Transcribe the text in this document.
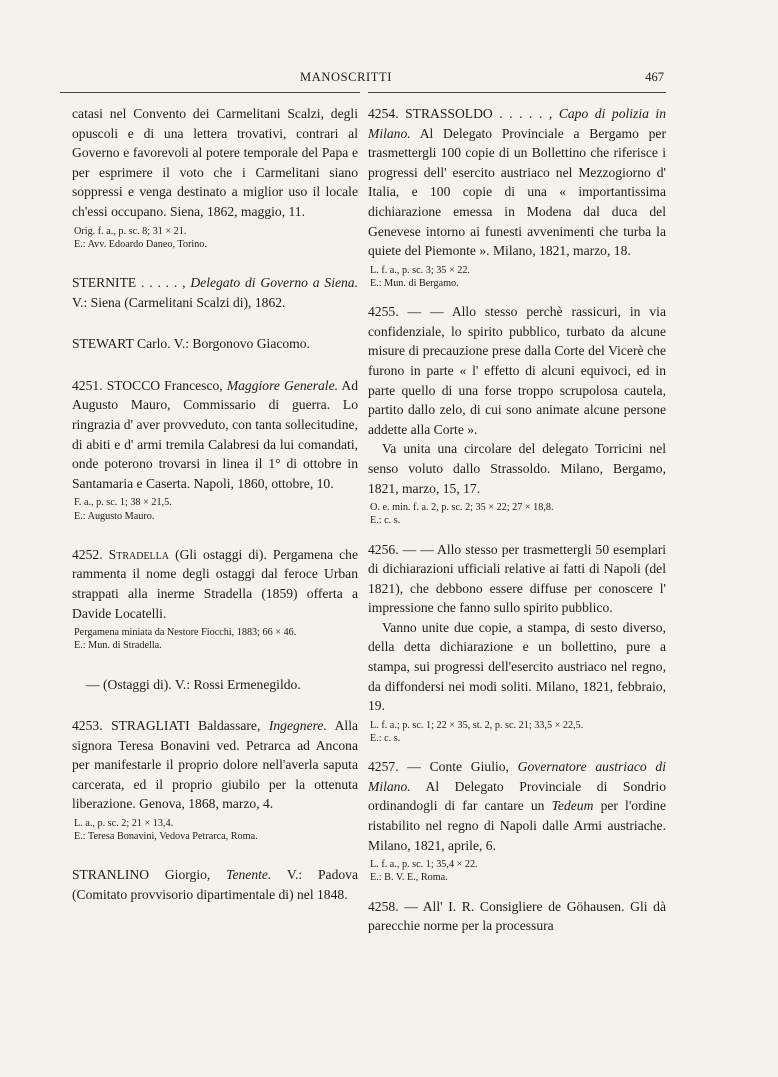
MANOSCRITTI	467

catasi nel Convento dei Carmelitani Scalzi, degli opuscoli e di una lettera trovativi, contrari al Governo e favorevoli al potere temporale del Papa e per esprimere il voto che i Carmelitani siano soppressi e venga destinato a miglior uso il locale ch'essi occupano. Siena, 1862, maggio, 11.

Orig. f. a., p. sc. 8; 31 × 21.
E.: Avv. Edoardo Daneo, Torino.

STERNITE . . . . . , Delegato di Governo a Siena. V.: Siena (Carmelitani Scalzi di), 1862.

STEWART Carlo. V.: Borgonovo Giacomo.

4251. STOCCO Francesco, Maggiore Generale. Ad Augusto Mauro, Commissario di guerra. Lo ringrazia d' aver provveduto, con tanta sollecitudine, di abiti e d' armi tremila Calabresi da lui comandati, onde poterono trovarsi in linea il 1° di ottobre in Santamaria e Caserta. Napoli, 1860, ottobre, 10.

F. a., p. sc. 1; 38 × 21,5.
E.: Augusto Mauro.

4252. Stradella (Gli ostaggi di). Pergamena che rammenta il nome degli ostaggi dal feroce Urban strappati alla inerme Stradella (1859) offerta a Davide Locatelli.

Pergamena miniata da Nestore Fiocchi, 1883; 66 × 46.
E.: Mun. di Stradella.

— (Ostaggi di). V.: Rossi Ermenegildo.

4253. STRAGLIATI Baldassare, Ingegnere. Alla signora Teresa Bonavini ved. Petrarca ad Ancona per manifestarle il proprio dolore nell'averla saputa carcerata, ed il proprio giubilo per la ottenuta liberazione. Genova, 1868, marzo, 4.

L. a., p. sc. 2; 21 × 13,4.
E.: Teresa Bonavini, Vedova Petrarca, Roma.

STRANLINO Giorgio, Tenente. V.: Padova (Comitato provvisorio dipartimentale di) nel 1848.

4254. STRASSOLDO . . . . . , Capo di polizia in Milano. Al Delegato Provinciale a Bergamo per trasmettergli 100 copie di un Bollettino che riferisce i progressi dell' esercito austriaco nel Mezzogiorno d' Italia, e 100 copie di una « importantissima dichiarazione emessa in Modena dal duca del Genevese intorno ai funesti avvenimenti che turba la quiete del Piemonte ». Milano, 1821, marzo, 18.

L. f. a., p. sc. 3; 35 × 22.
E.: Mun. di Bergamo.

4255. — — Allo stesso perchè rassicuri, in via confidenziale, lo spirito pubblico, turbato da alcune misure di precauzione prese dalla Corte del Vicerè che furono in parte « l' effetto di alcuni equivoci, ed in parte quello di una forse troppo scrupolosa cautela, partito dallo zelo, di cui sono animate alcune persone addette alla Corte ».

Va unita una circolare del delegato Torricini nel senso voluto dallo Strassoldo. Milano, Bergamo, 1821, marzo, 15, 17.

O. e. min. f. a. 2, p. sc. 2; 35 × 22; 27 × 18,8.
E.: c. s.

4256. — — Allo stesso per trasmettergli 50 esemplari di dichiarazioni ufficiali relative ai fatti di Napoli (del 1821), che debbono essere diffuse per conoscere l' impressione che fanno sullo spirito pubblico.

Vanno unite due copie, a stampa, di sesto diverso, della detta dichiarazione e un bollettino, pure a stampa, sui progressi dell'esercito austriaco nel regno, da diffondersi nei modi soliti. Milano, 1821, febbraio, 19.

L. f. a.; p. sc. 1; 22 × 35, st. 2, p. sc. 21; 33,5 × 22,5.
E.: c. s.

4257. — Conte Giulio, Governatore austriaco di Milano. Al Delegato Provinciale di Sondrio ordinandogli di far cantare un Tedeum per l'ordine ristabilito nel regno di Napoli dalle Armi austriache. Milano, 1821, aprile, 6.

L. f. a., p. sc. 1; 35,4 × 22.
E.: B. V. E., Roma.

4258. — All' I. R. Consigliere de Göhausen. Gli dà parecchie norme per la processura
